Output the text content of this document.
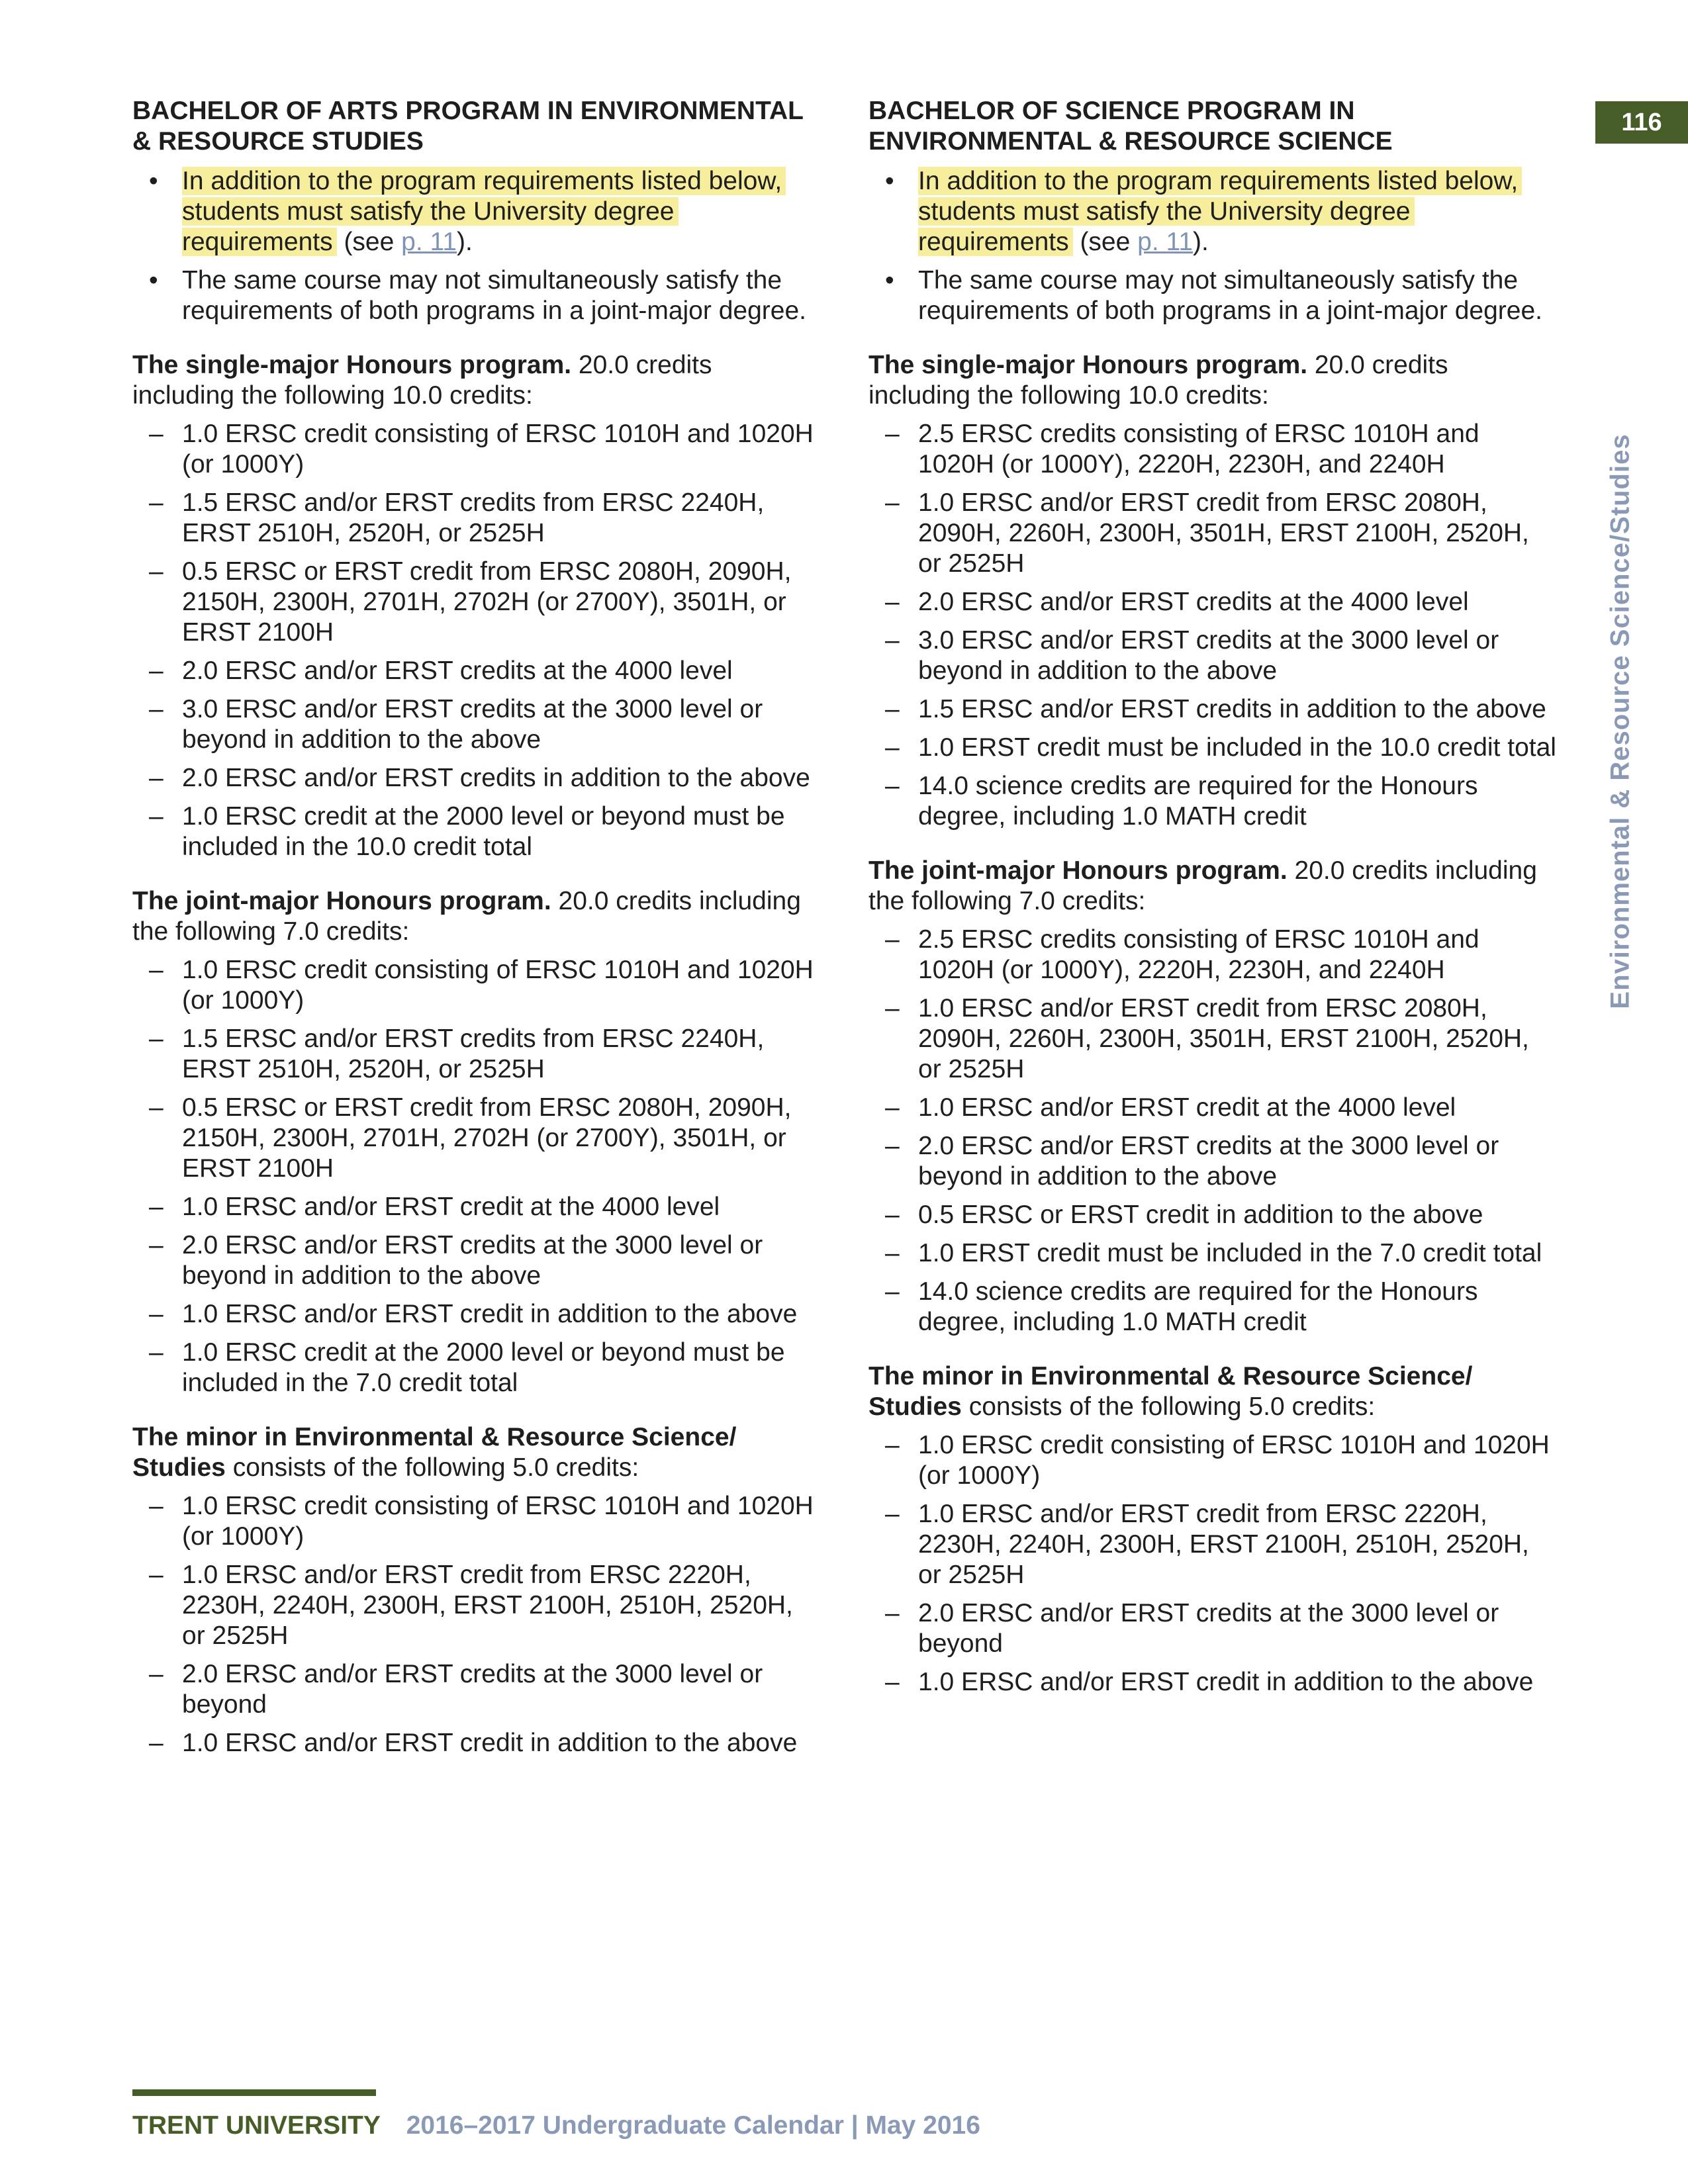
BACHELOR OF ARTS PROGRAM IN ENVIRONMENTAL
& RESOURCE STUDIES
• In addition to the program requirements listed below, students must satisfy the University degree requirements (see p. 11).
• The same course may not simultaneously satisfy the requirements of both programs in a joint-major degree.
The single-major Honours program. 20.0 credits including the following 10.0 credits:
– 1.0 ERSC credit consisting of ERSC 1010H and 1020H (or 1000Y)
– 1.5 ERSC and/or ERST credits from ERSC 2240H, ERST 2510H, 2520H, or 2525H
– 0.5 ERSC or ERST credit from ERSC 2080H, 2090H, 2150H, 2300H, 2701H, 2702H (or 2700Y), 3501H, or ERST 2100H
– 2.0 ERSC and/or ERST credits at the 4000 level
– 3.0 ERSC and/or ERST credits at the 3000 level or beyond in addition to the above
– 2.0 ERSC and/or ERST credits in addition to the above
– 1.0 ERSC credit at the 2000 level or beyond must be included in the 10.0 credit total
The joint-major Honours program. 20.0 credits including the following 7.0 credits:
– 1.0 ERSC credit consisting of ERSC 1010H and 1020H (or 1000Y)
– 1.5 ERSC and/or ERST credits from ERSC 2240H, ERST 2510H, 2520H, or 2525H
– 0.5 ERSC or ERST credit from ERSC 2080H, 2090H, 2150H, 2300H, 2701H, 2702H (or 2700Y), 3501H, or ERST 2100H
– 1.0 ERSC and/or ERST credit at the 4000 level
– 2.0 ERSC and/or ERST credits at the 3000 level or beyond in addition to the above
– 1.0 ERSC and/or ERST credit in addition to the above
– 1.0 ERSC credit at the 2000 level or beyond must be included in the 7.0 credit total
The minor in Environmental & Resource Science/ Studies consists of the following 5.0 credits:
– 1.0 ERSC credit consisting of ERSC 1010H and 1020H (or 1000Y)
– 1.0 ERSC and/or ERST credit from ERSC 2220H, 2230H, 2240H, 2300H, ERST 2100H, 2510H, 2520H, or 2525H
– 2.0 ERSC and/or ERST credits at the 3000 level or beyond
– 1.0 ERSC and/or ERST credit in addition to the above
BACHELOR OF SCIENCE PROGRAM IN
ENVIRONMENTAL & RESOURCE SCIENCE
• In addition to the program requirements listed below, students must satisfy the University degree requirements (see p. 11).
• The same course may not simultaneously satisfy the requirements of both programs in a joint-major degree.
The single-major Honours program. 20.0 credits including the following 10.0 credits:
– 2.5 ERSC credits consisting of ERSC 1010H and 1020H (or 1000Y), 2220H, 2230H, and 2240H
– 1.0 ERSC and/or ERST credit from ERSC 2080H, 2090H, 2260H, 2300H, 3501H, ERST 2100H, 2520H, or 2525H
– 2.0 ERSC and/or ERST credits at the 4000 level
– 3.0 ERSC and/or ERST credits at the 3000 level or beyond in addition to the above
– 1.5 ERSC and/or ERST credits in addition to the above
– 1.0 ERST credit must be included in the 10.0 credit total
– 14.0 science credits are required for the Honours degree, including 1.0 MATH credit
The joint-major Honours program. 20.0 credits including the following 7.0 credits:
– 2.5 ERSC credits consisting of ERSC 1010H and 1020H (or 1000Y), 2220H, 2230H, and 2240H
– 1.0 ERSC and/or ERST credit from ERSC 2080H, 2090H, 2260H, 2300H, 3501H, ERST 2100H, 2520H, or 2525H
– 1.0 ERSC and/or ERST credit at the 4000 level
– 2.0 ERSC and/or ERST credits at the 3000 level or beyond in addition to the above
– 0.5 ERSC or ERST credit in addition to the above
– 1.0 ERST credit must be included in the 7.0 credit total
– 14.0 science credits are required for the Honours degree, including 1.0 MATH credit
The minor in Environmental & Resource Science/ Studies consists of the following 5.0 credits:
– 1.0 ERSC credit consisting of ERSC 1010H and 1020H (or 1000Y)
– 1.0 ERSC and/or ERST credit from ERSC 2220H, 2230H, 2240H, 2300H, ERST 2100H, 2510H, 2520H, or 2525H
– 2.0 ERSC and/or ERST credits at the 3000 level or beyond
– 1.0 ERSC and/or ERST credit in addition to the above
116
Environmental & Resource Science/Studies
TRENT UNIVERSITY 2016–2017 Undergraduate Calendar | May 2016
